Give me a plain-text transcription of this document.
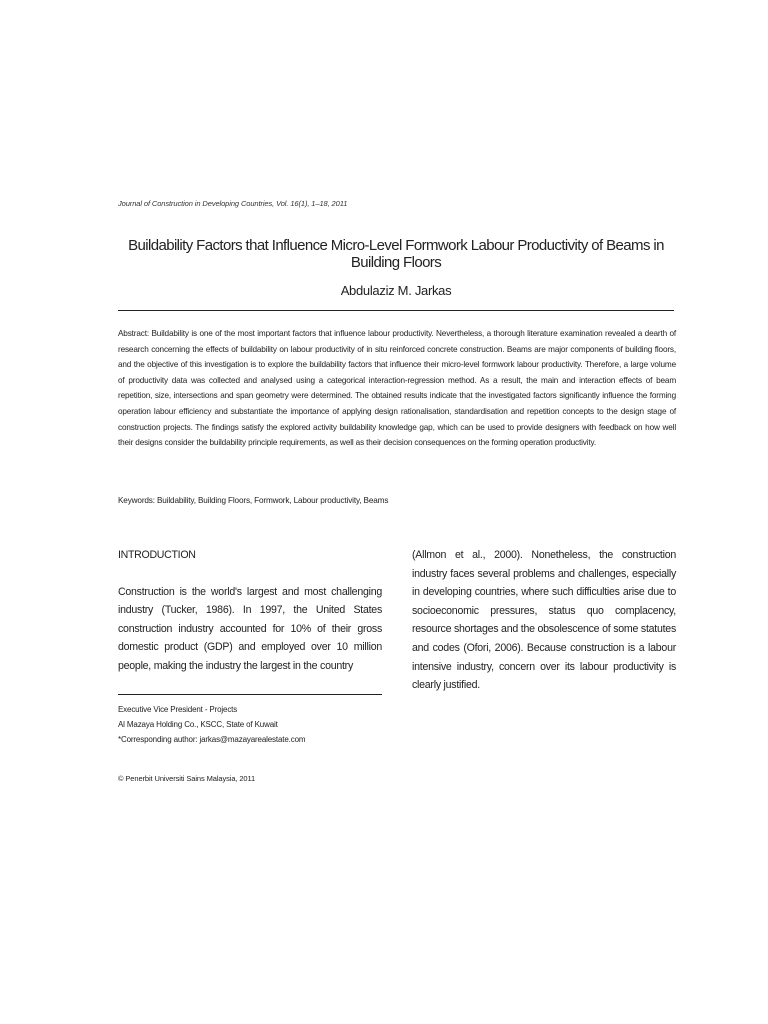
Journal of Construction in Developing Countries, Vol. 16(1), 1–18, 2011
Buildability Factors that Influence Micro-Level Formwork Labour Productivity of Beams in Building Floors
Abdulaziz M. Jarkas
Abstract: Buildability is one of the most important factors that influence labour productivity. Nevertheless, a thorough literature examination revealed a dearth of research concerning the effects of buildability on labour productivity of in situ reinforced concrete construction. Beams are major components of building floors, and the objective of this investigation is to explore the buildability factors that influence their micro-level formwork labour productivity. Therefore, a large volume of productivity data was collected and analysed using a categorical interaction-regression method. As a result, the main and interaction effects of beam repetition, size, intersections and span geometry were determined. The obtained results indicate that the investigated factors significantly influence the forming operation labour efficiency and substantiate the importance of applying design rationalisation, standardisation and repetition concepts to the design stage of construction projects. The findings satisfy the explored activity buildability knowledge gap, which can be used to provide designers with feedback on how well their designs consider the buildability principle requirements, as well as their decision consequences on the forming operation productivity.
Keywords: Buildability, Building Floors, Formwork, Labour productivity, Beams
INTRODUCTION
Construction is the world's largest and most challenging industry (Tucker, 1986). In 1997, the United States construction industry accounted for 10% of their gross domestic product (GDP) and employed over 10 million people, making the industry the largest in the country
(Allmon et al., 2000). Nonetheless, the construction industry faces several problems and challenges, especially in developing countries, where such difficulties arise due to socioeconomic pressures, status quo complacency, resource shortages and the obsolescence of some statutes and codes (Ofori, 2006). Because construction is a labour intensive industry, concern over its labour productivity is clearly justified.
Executive Vice President - Projects
Al Mazaya Holding Co., KSCC, State of Kuwait
*Corresponding author: jarkas@mazayarealestate.com
© Penerbit Universiti Sains Malaysia, 2011
